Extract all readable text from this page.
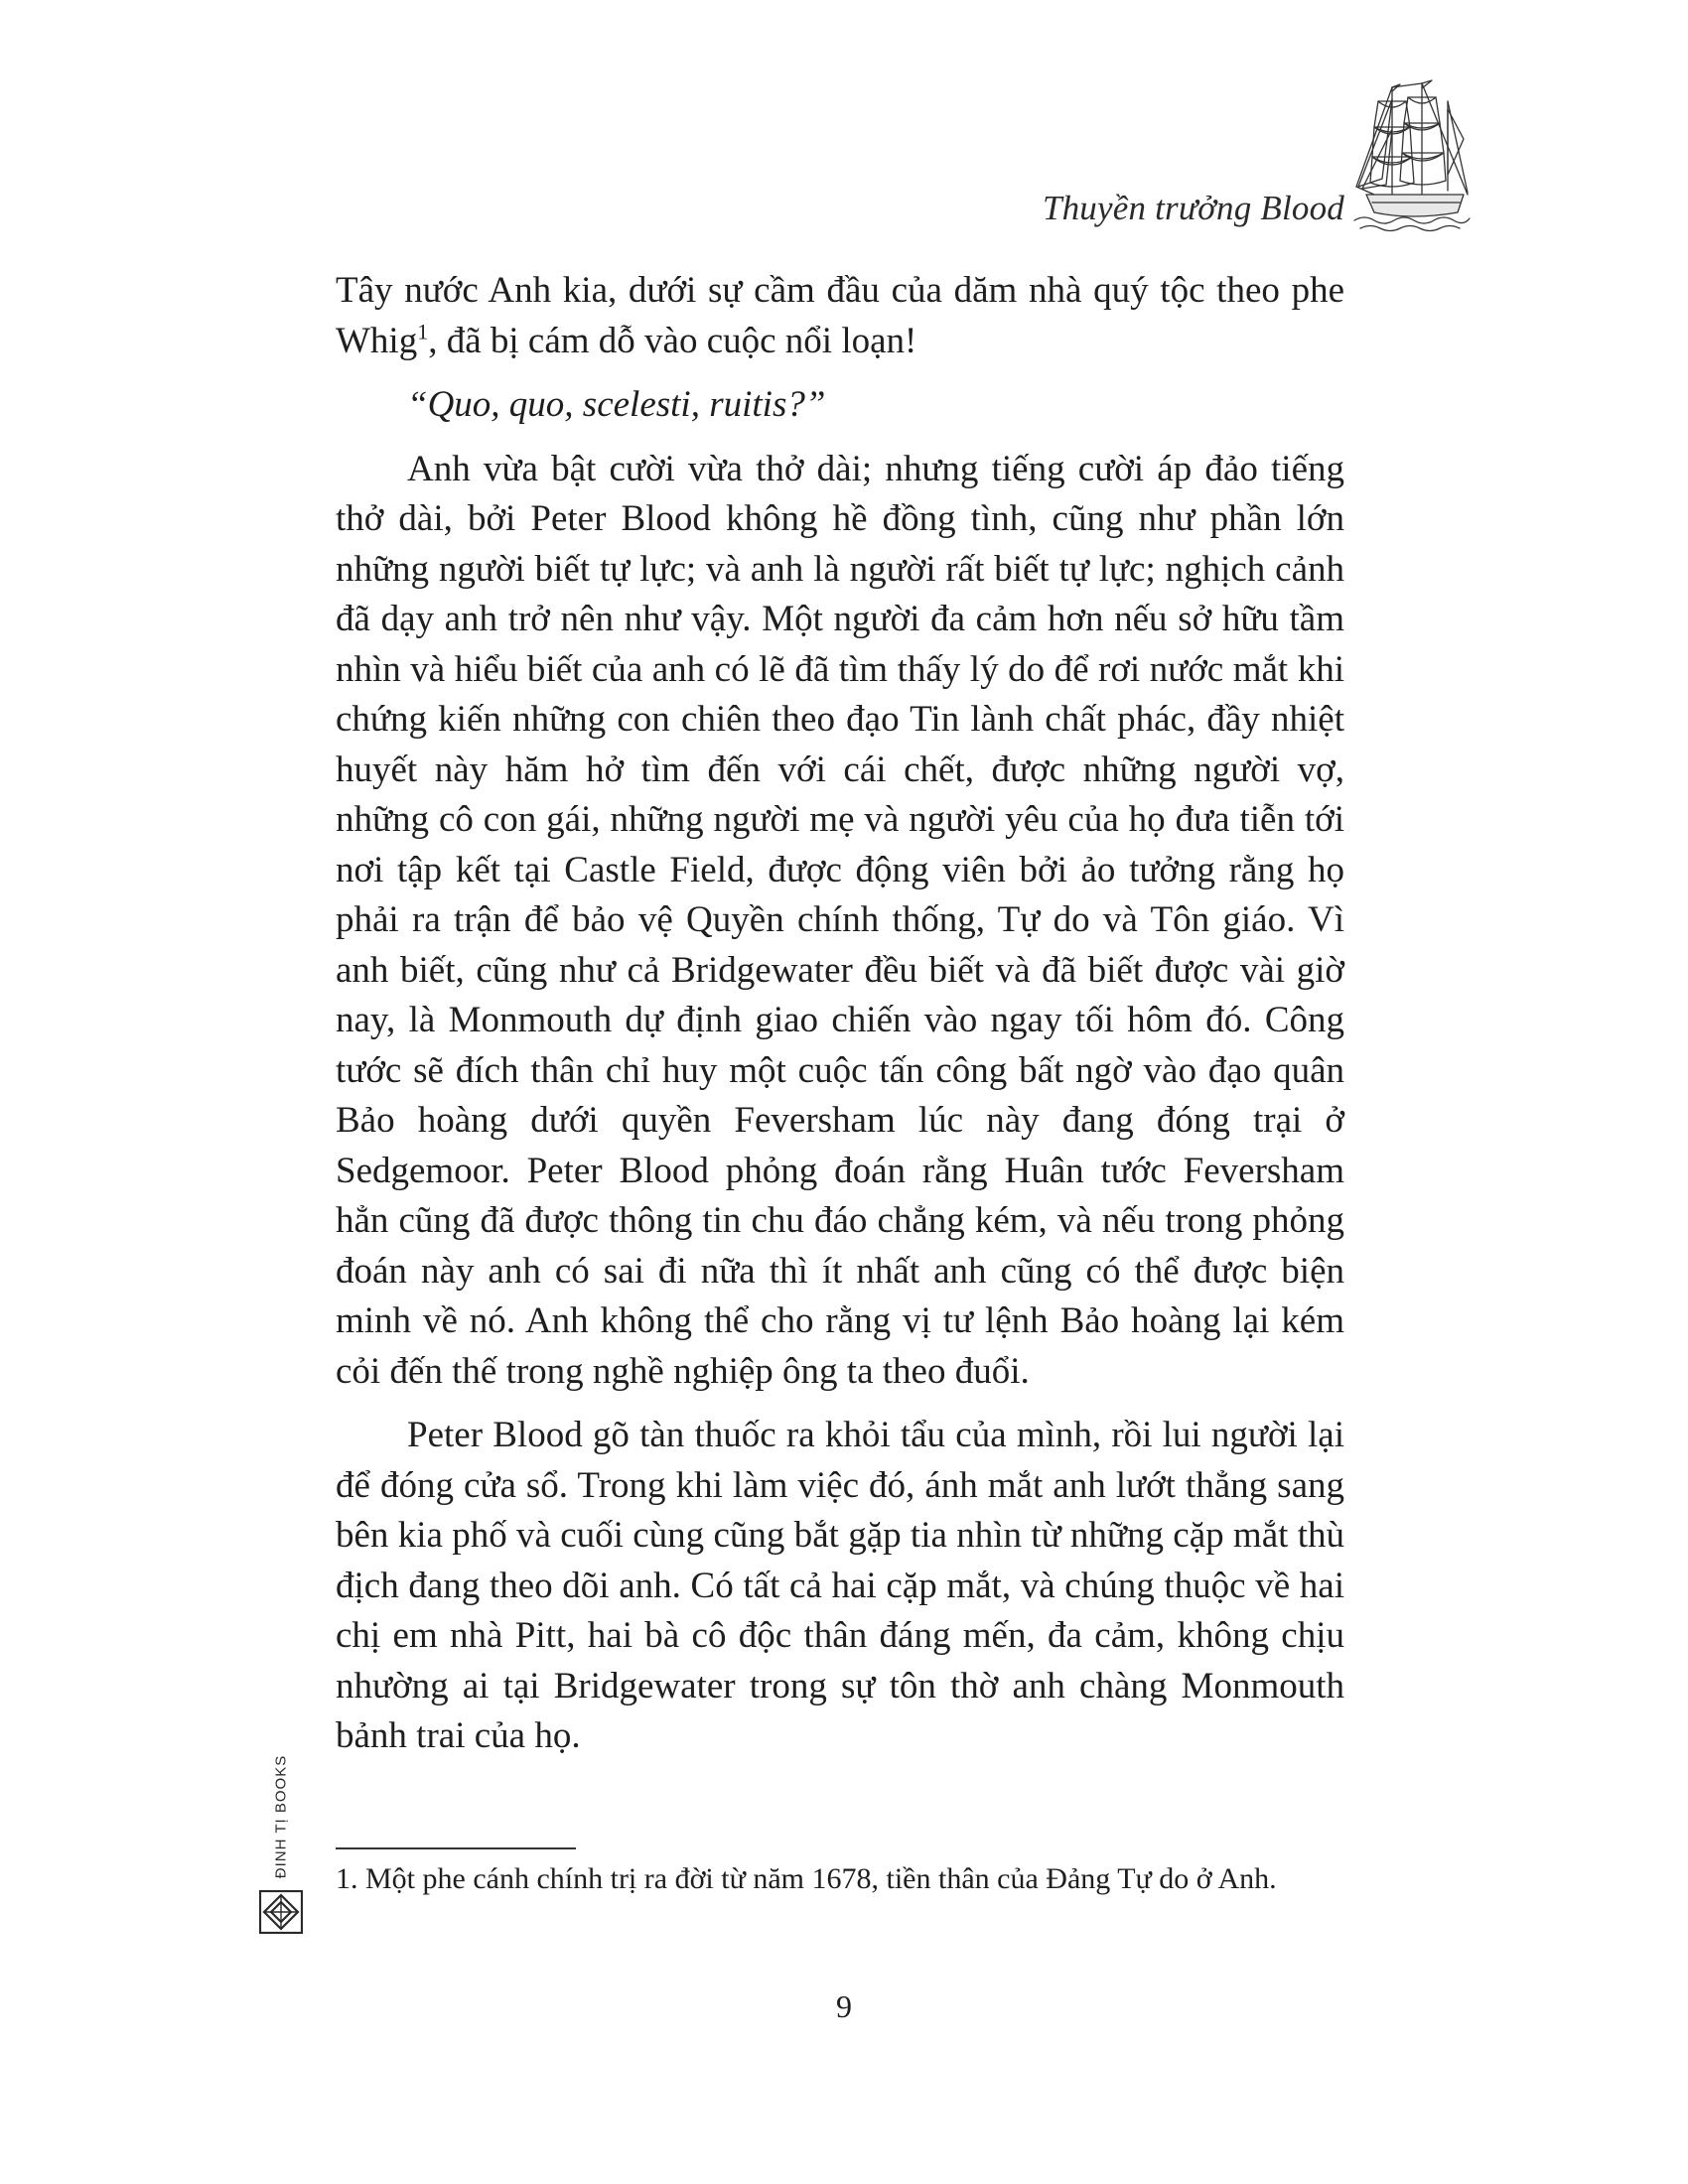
Thuyền trưởng Blood

Tây nước Anh kia, dưới sự cầm đầu của dăm nhà quý tộc theo phe Whig$^1$, đã bị cám dỗ vào cuộc nổi loạn!

“Quo, quo, scelesti, ruitis?”

Anh vừa bật cười vừa thở dài; nhưng tiếng cười áp đảo tiếng thở dài, bởi Peter Blood không hề đồng tình, cũng như phần lớn những người biết tự lực; và anh là người rất biết tự lực; nghịch cảnh đã dạy anh trở nên như vậy. Một người đa cảm hơn nếu sở hữu tầm nhìn và hiểu biết của anh có lẽ đã tìm thấy lý do để rơi nước mắt khi chứng kiến những con chiên theo đạo Tin lành chất phác, đầy nhiệt huyết này hăm hở tìm đến với cái chết, được những người vợ, những cô con gái, những người mẹ và người yêu của họ đưa tiễn tới nơi tập kết tại Castle Field, được động viên bởi ảo tưởng rằng họ phải ra trận để bảo vệ Quyền chính thống, Tự do và Tôn giáo. Vì anh biết, cũng như cả Bridgewater đều biết và đã biết được vài giờ nay, là Monmouth dự định giao chiến vào ngay tối hôm đó. Công tước sẽ đích thân chỉ huy một cuộc tấn công bất ngờ vào đạo quân Bảo hoàng dưới quyền Feversham lúc này đang đóng trại ở Sedgemoor. Peter Blood phỏng đoán rằng Huân tước Feversham hẳn cũng đã được thông tin chu đáo chẳng kém, và nếu trong phỏng đoán này anh có sai đi nữa thì ít nhất anh cũng có thể được biện minh về nó. Anh không thể cho rằng vị tư lệnh Bảo hoàng lại kém cỏi đến thế trong nghề nghiệp ông ta theo đuổi.

Peter Blood gõ tàn thuốc ra khỏi tẩu của mình, rồi lui người lại để đóng cửa sổ. Trong khi làm việc đó, ánh mắt anh lướt thẳng sang bên kia phố và cuối cùng cũng bắt gặp tia nhìn từ những cặp mắt thù địch đang theo dõi anh. Có tất cả hai cặp mắt, và chúng thuộc về hai chị em nhà Pitt, hai bà cô độc thân đáng mến, đa cảm, không chịu nhường ai tại Bridgewater trong sự tôn thờ anh chàng Monmouth bảnh trai của họ.

1. Một phe cánh chính trị ra đời từ năm 1678, tiền thân của Đảng Tự do ở Anh.
9
ĐINH TỊ BOOKS
